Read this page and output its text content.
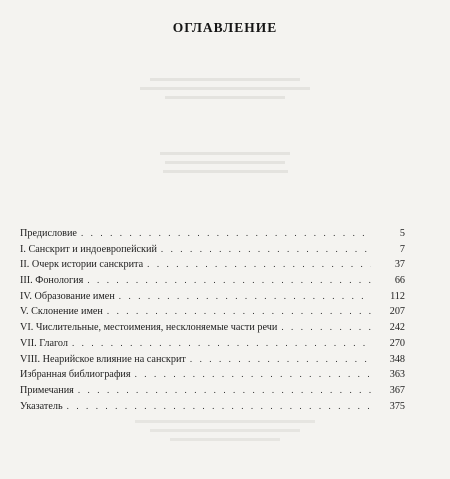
ОГЛАВЛЕНИЕ
Предисловие . . .	5
I. Санскрит и индоевропейский . . .	7
II. Очерк истории санскрита . . .	37
III. Фонология . . .	66
IV. Образование имен . . .	112
V. Склонение имен . . .	207
VI. Числительные, местоимения, несклоняемые части речи . . .	242
VII. Глагол . . .	270
VIII. Неарийское влияние на санскрит . . .	348
Избранная библиография . . .	363
Примечания . . .	367
Указатель . . .	375
